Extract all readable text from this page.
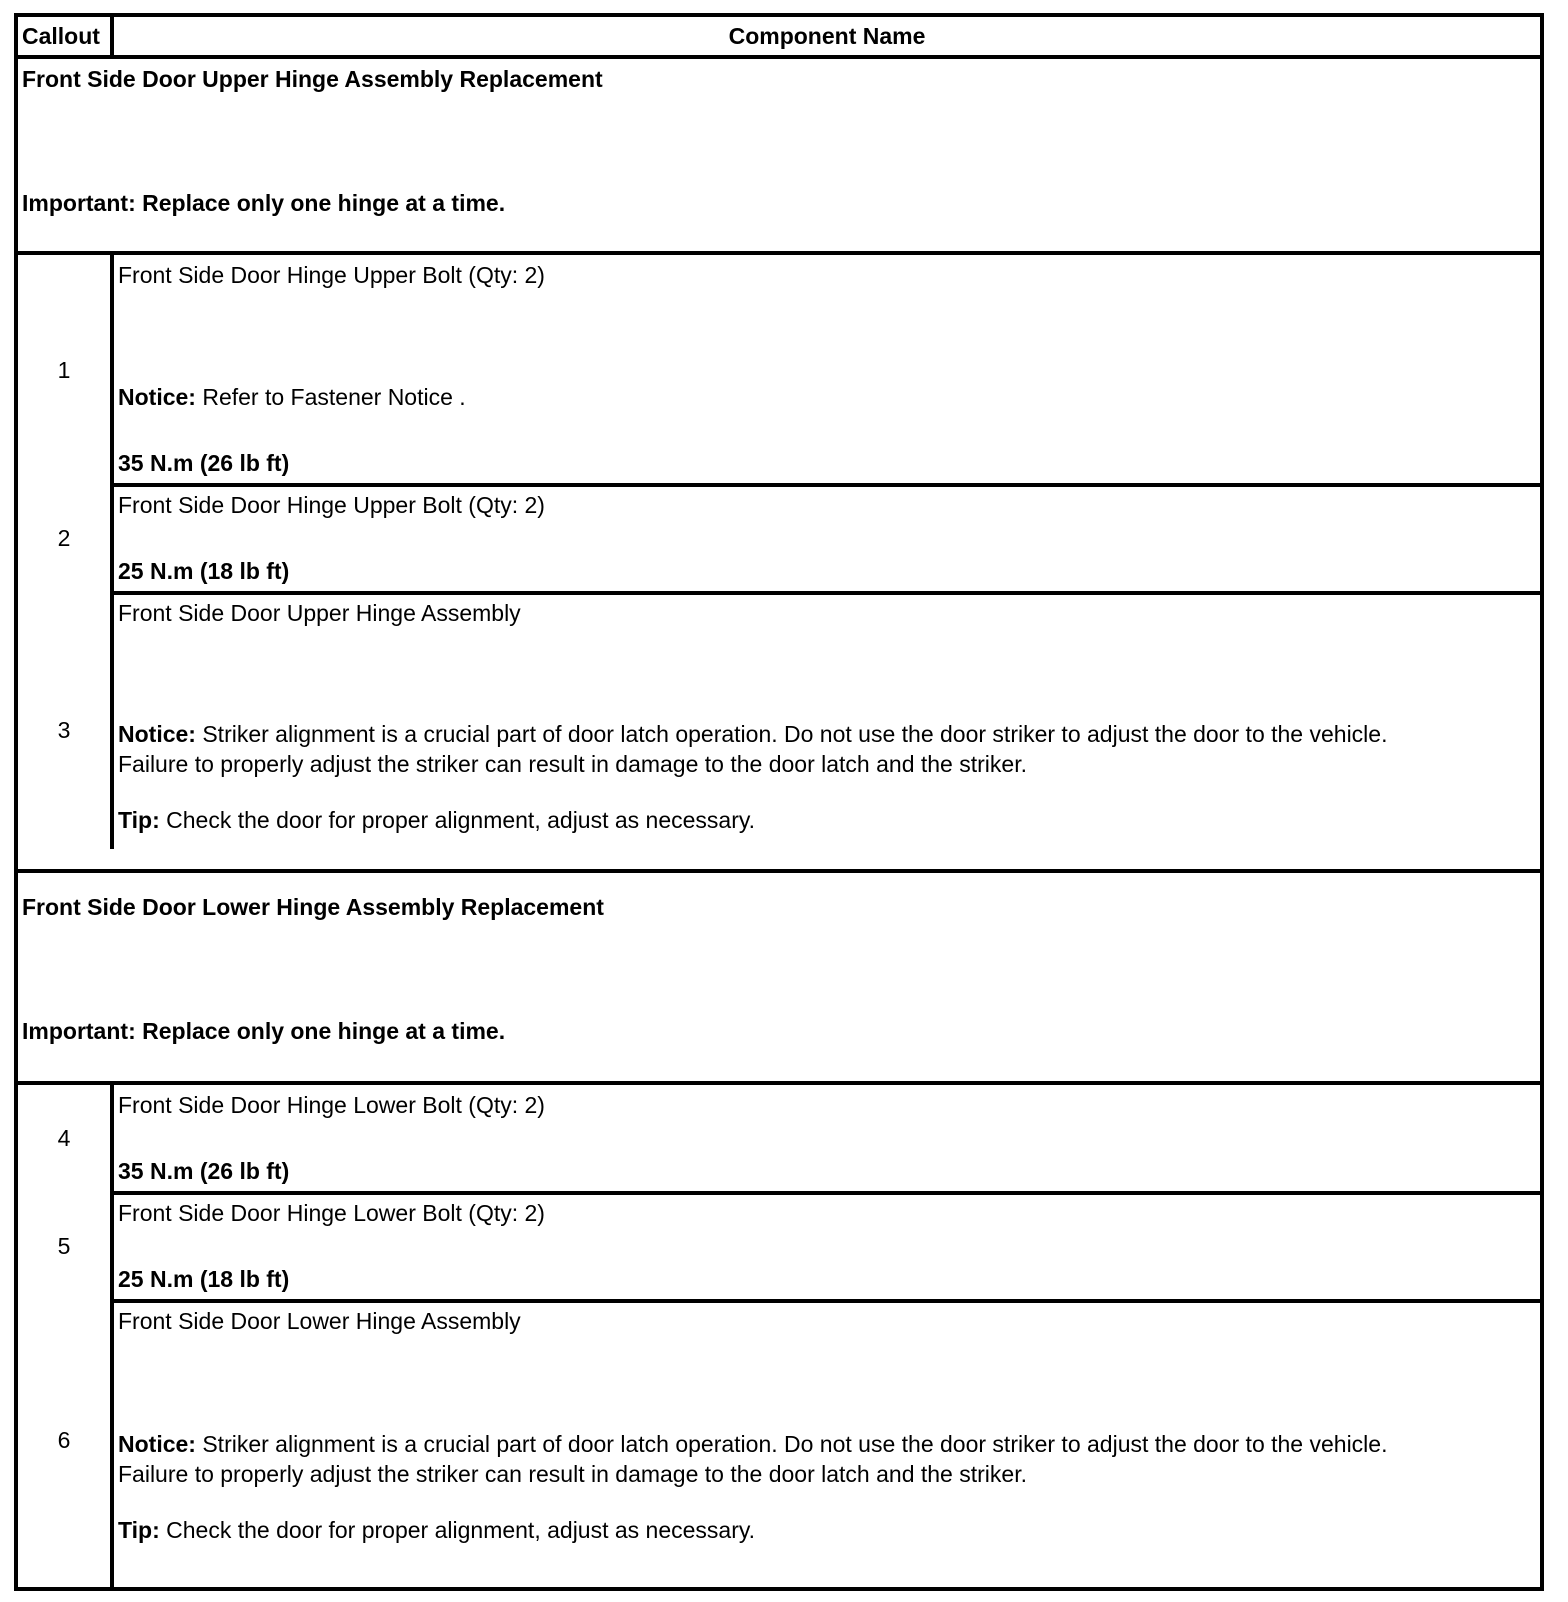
Callout	Component Name
Front Side Door Upper Hinge Assembly Replacement
Important: Replace only one hinge at a time.
1
Front Side Door Hinge Upper Bolt (Qty: 2)
Notice: Refer to Fastener Notice .
35 N.m (26 lb ft)
2
Front Side Door Hinge Upper Bolt (Qty: 2)
25 N.m (18 lb ft)
3
Front Side Door Upper Hinge Assembly
Notice: Striker alignment is a crucial part of door latch operation. Do not use the door striker to adjust the door to the vehicle.
Failure to properly adjust the striker can result in damage to the door latch and the striker.
Tip: Check the door for proper alignment, adjust as necessary.
Front Side Door Lower Hinge Assembly Replacement
Important: Replace only one hinge at a time.
4
Front Side Door Hinge Lower Bolt (Qty: 2)
35 N.m (26 lb ft)
5
Front Side Door Hinge Lower Bolt (Qty: 2)
25 N.m (18 lb ft)
6
Front Side Door Lower Hinge Assembly
Notice: Striker alignment is a crucial part of door latch operation. Do not use the door striker to adjust the door to the vehicle.
Failure to properly adjust the striker can result in damage to the door latch and the striker.
Tip: Check the door for proper alignment, adjust as necessary.
